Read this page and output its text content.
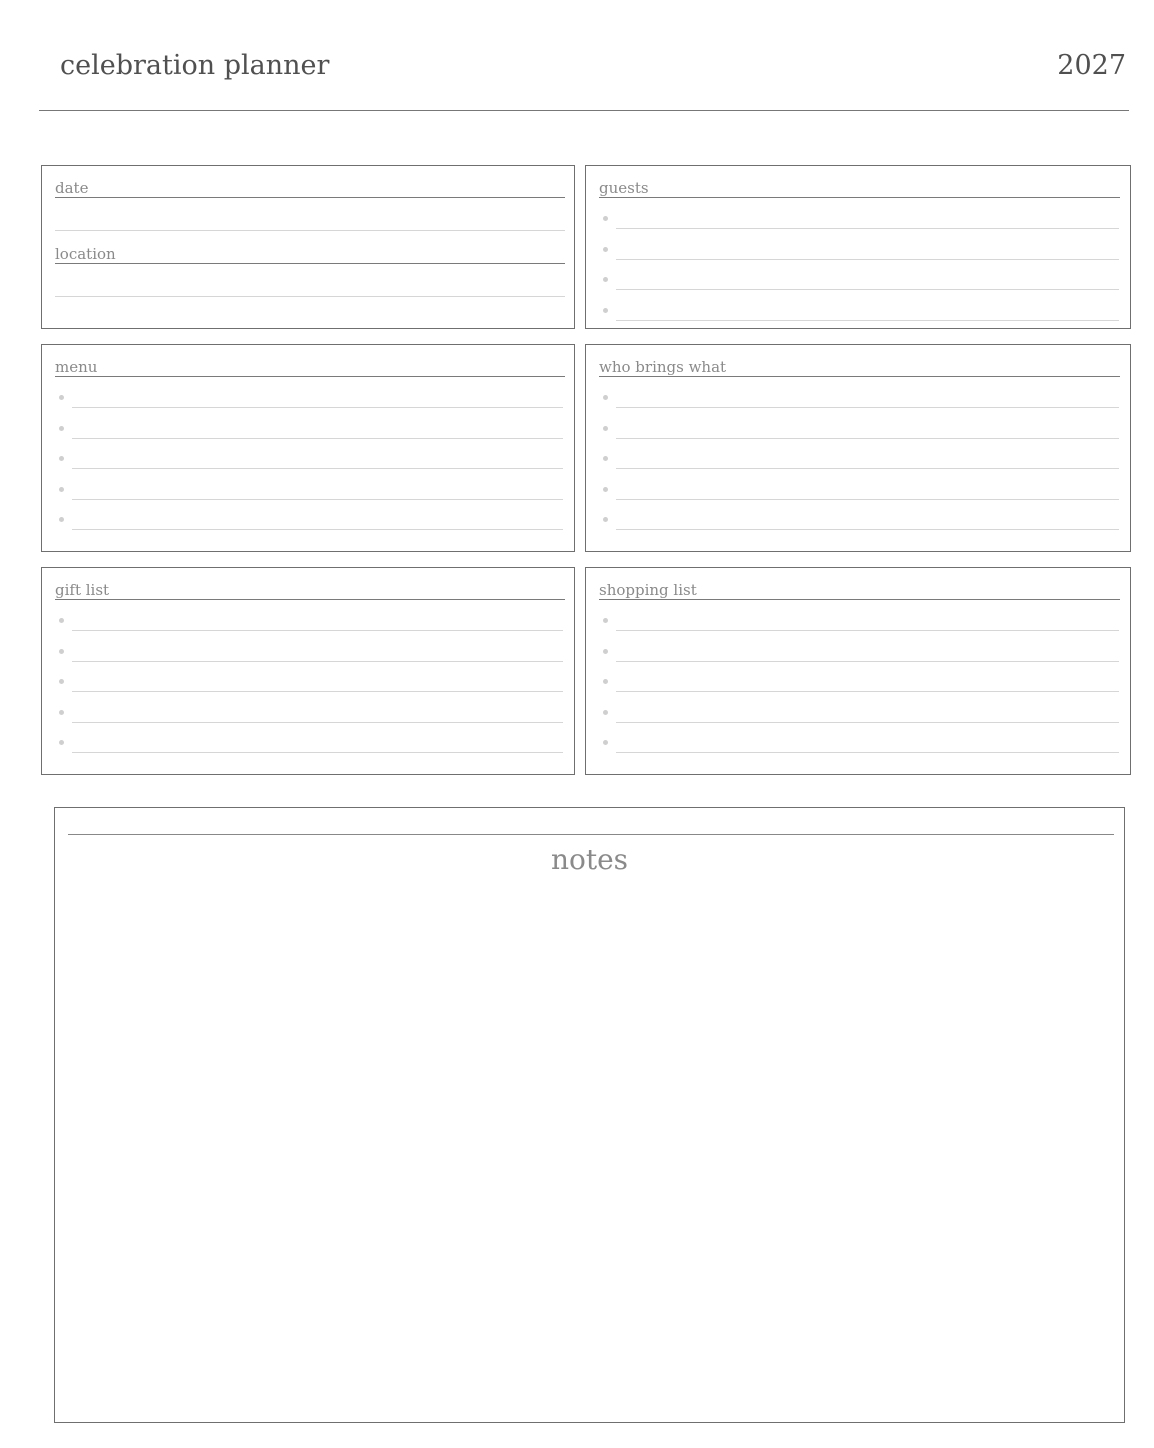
celebration planner	2027
date
location
guests
menu	who brings what
gift list	shopping list
notes
